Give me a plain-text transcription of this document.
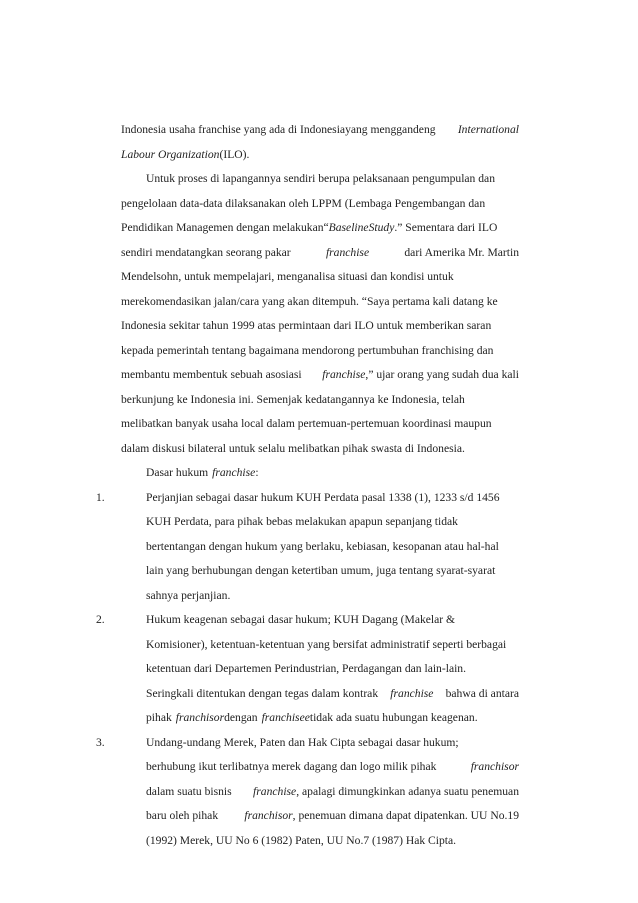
Indonesia usaha franchise yang ada di Indonesiayang menggandeng International
Labour Organization (ILO).
Untuk proses di lapangannya sendiri berupa pelaksanaan pengumpulan dan
pengelolaan data-data dilaksanakan oleh LPPM (Lembaga Pengembangan dan
Pendidikan Managemen dengan melakukan“BaselineStudy.” Sementara dari ILO
sendiri mendatangkan seorang pakar	franchise	dari Amerika Mr. Martin
Mendelsohn, untuk mempelajari, menganalisa situasi dan kondisi untuk
merekomendasikan jalan/cara yang akan ditempuh. “Saya pertama kali datang ke
Indonesia sekitar tahun 1999 atas permintaan dari ILO untuk memberikan saran
kepada pemerintah tentang bagaimana mendorong pertumbuhan franchising dan
membantu membentuk sebuah asosiasi franchise,” ujar orang yang sudah dua kali
berkunjung ke Indonesia ini. Semenjak kedatangannya ke Indonesia, telah
melibatkan banyak usaha local dalam pertemuan-pertemuan koordinasi maupun
dalam diskusi bilateral untuk selalu melibatkan pihak swasta di Indonesia.
Dasar hukum franchise:
1.	Perjanjian sebagai dasar hukum KUH Perdata pasal 1338 (1), 1233 s/d 1456
KUH Perdata, para pihak bebas melakukan apapun sepanjang tidak
bertentangan dengan hukum yang berlaku, kebiasan, kesopanan atau hal-hal
lain yang berhubungan dengan ketertiban umum, juga tentang syarat-syarat
sahnya perjanjian.
2.	Hukum keagenan sebagai dasar hukum; KUH Dagang (Makelar &
Komisioner), ketentuan-ketentuan yang bersifat administratif seperti berbagai
ketentuan dari Departemen Perindustrian, Perdagangan dan lain-lain.
Seringkali ditentukan dengan tegas dalam kontrak franchise bahwa di antara
pihak franchisor dengan franchisee tidak ada suatu hubungan keagenan.
3.	Undang-undang Merek, Paten dan Hak Cipta sebagai dasar hukum;
berhubung ikut terlibatnya merek dagang dan logo milik pihak	franchisor
dalam suatu bisnis franchise, apalagi dimungkinkan adanya suatu penemuan
baru oleh pihak franchisor, penemuan dimana dapat dipatenkan. UU No.19
(1992) Merek, UU No 6 (1982) Paten, UU No.7 (1987) Hak Cipta.
